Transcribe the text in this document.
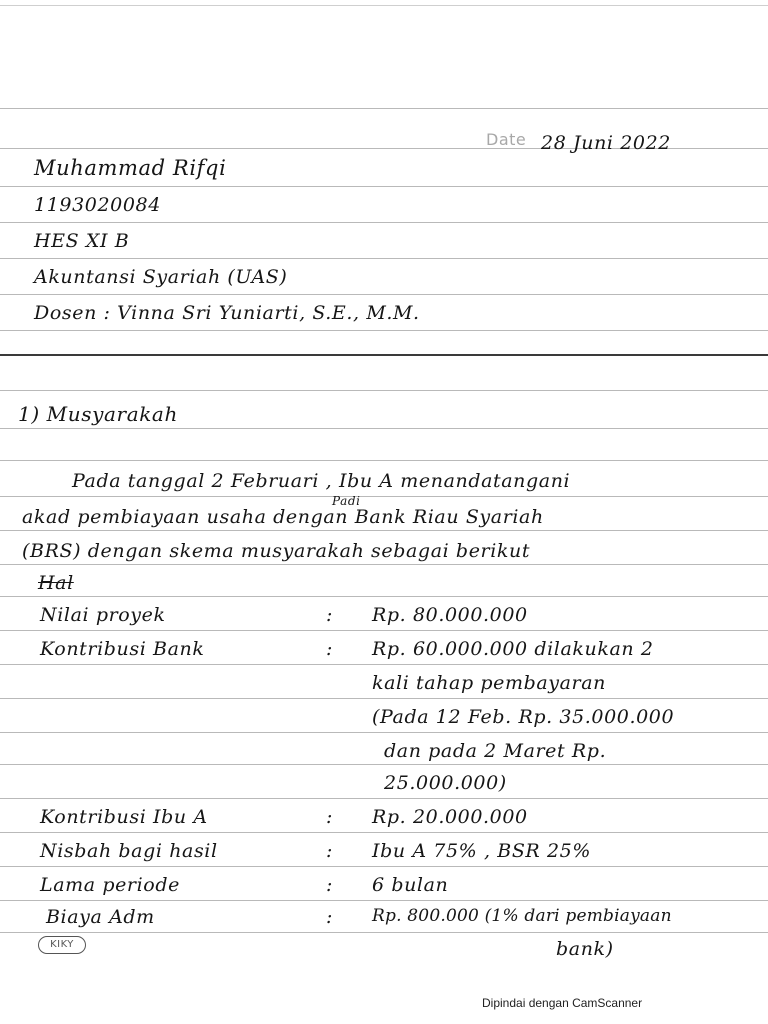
Date 28 Juni 2022
Muhammad Rifqi
1193020084
HES XI B
Akuntansi Syariah (UAS)
Dosen : Vinna Sri Yuniarti, S.E., M.M.
1) Musyarakah
Pada tanggal 2 Februari , Ibu A menandatangani
Padi
akad pembiayaan usaha dengan Bank Riau Syariah
(BRS) dengan skema musyarakah sebagai berikut
Hal
Nilai proyek	: Rp. 80.000.000
Kontribusi Bank	: Rp. 60.000.000 dilakukan 2
kali tahap pembayaran
(Pada 12 Feb. Rp. 35.000.000
dan pada 2 Maret Rp.
25.000.000)
Kontribusi Ibu A	: Rp. 20.000.000
Nisbah bagi hasil	: Ibu A 75% , BSR 25%
Lama periode	: 6 bulan
Biaya Adm	: Rp. 800.000 (1% dari pembiayaan
bank)
KIKY
Dipindai dengan CamScanner
